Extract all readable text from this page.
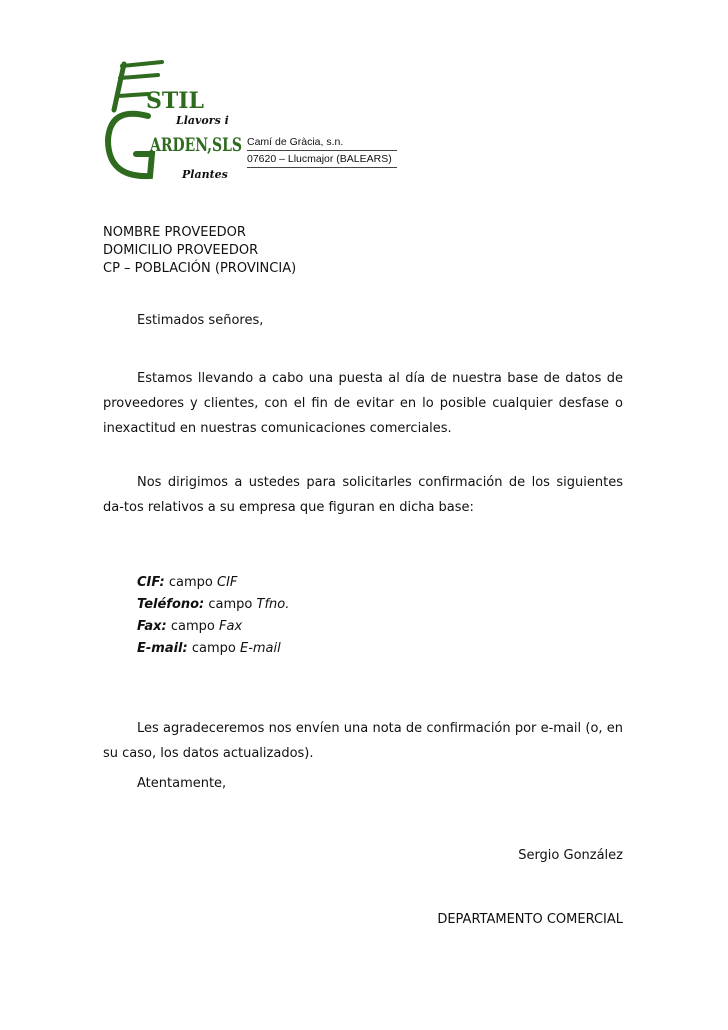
STIL
Llavors i
ARDEN,SLS
Plantes
Camí de Gràcia, s.n.
07620 – Llucmajor (BALEARS)
NOMBRE PROVEEDOR
DOMICILIO PROVEEDOR
CP – POBLACIÓN (PROVINCIA)
Estimados señores,

Estamos llevando a cabo una puesta al día de nuestra base de datos de proveedores y clientes, con el fin de evitar en lo posible cualquier desfase o inexactitud en nuestras comunicaciones comerciales.

Nos dirigimos a ustedes para solicitarles confirmación de los siguientes da-tos relativos a su empresa que figuran en dicha base:

CIF: campo CIF
Teléfono: campo Tfno.
Fax: campo Fax
E-mail: campo E-mail

Les agradeceremos nos envíen una nota de confirmación por e-mail (o, en su caso, los datos actualizados).

Atentamente,
Sergio González
DEPARTAMENTO COMERCIAL
